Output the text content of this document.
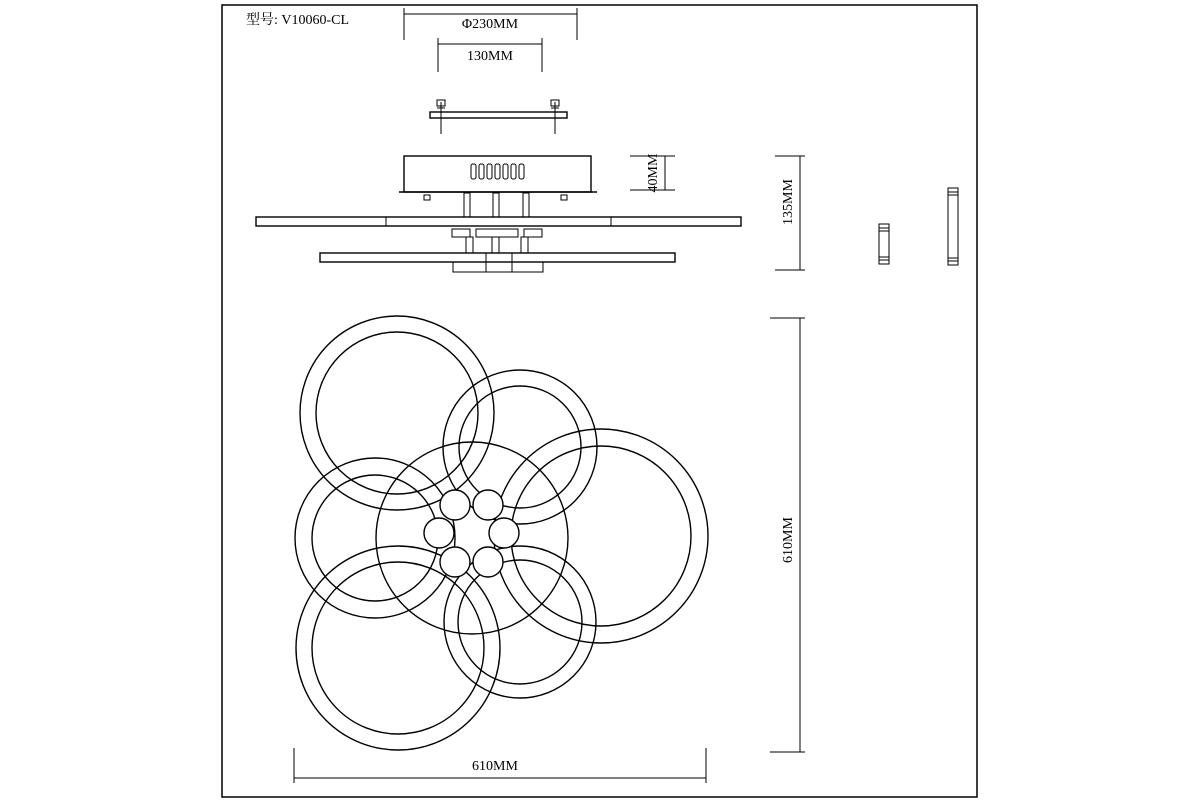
型号: V10060-CL	Φ230MM
130MM
40MM
135MM
610MM
610MM
